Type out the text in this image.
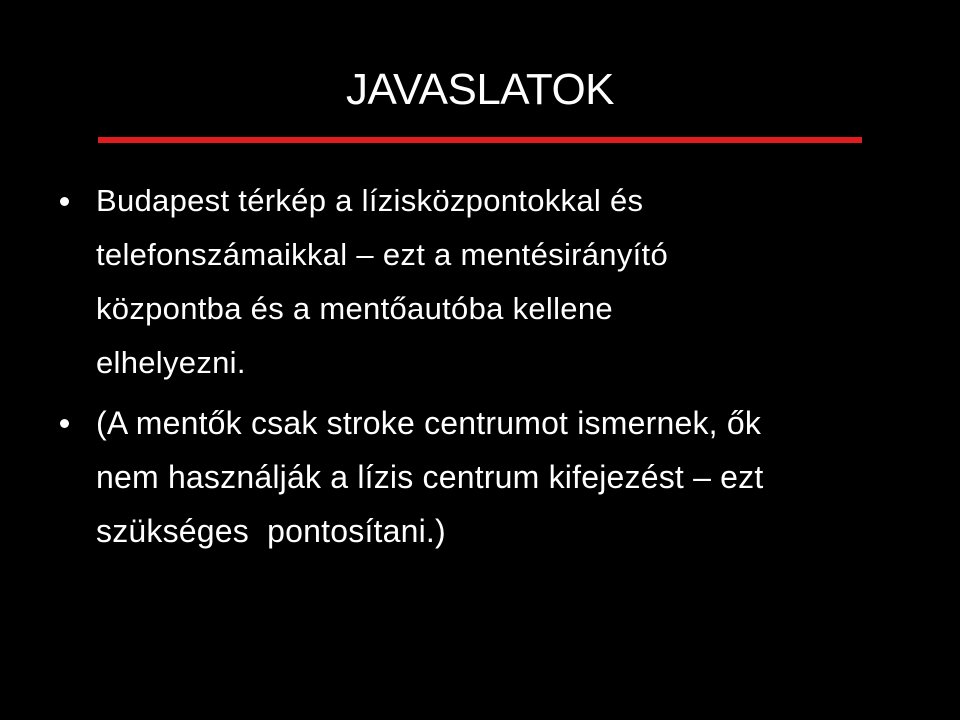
JAVASLATOK
Budapest térkép a lízisközpontokkal és
telefonszámaikkal – ezt a mentésirányító
központba és a mentőautóba kellene
elhelyezni.
(A mentők csak stroke centrumot ismernek, ők
nem használják a lízis centrum kifejezést – ezt
szükséges  pontosítani.)
